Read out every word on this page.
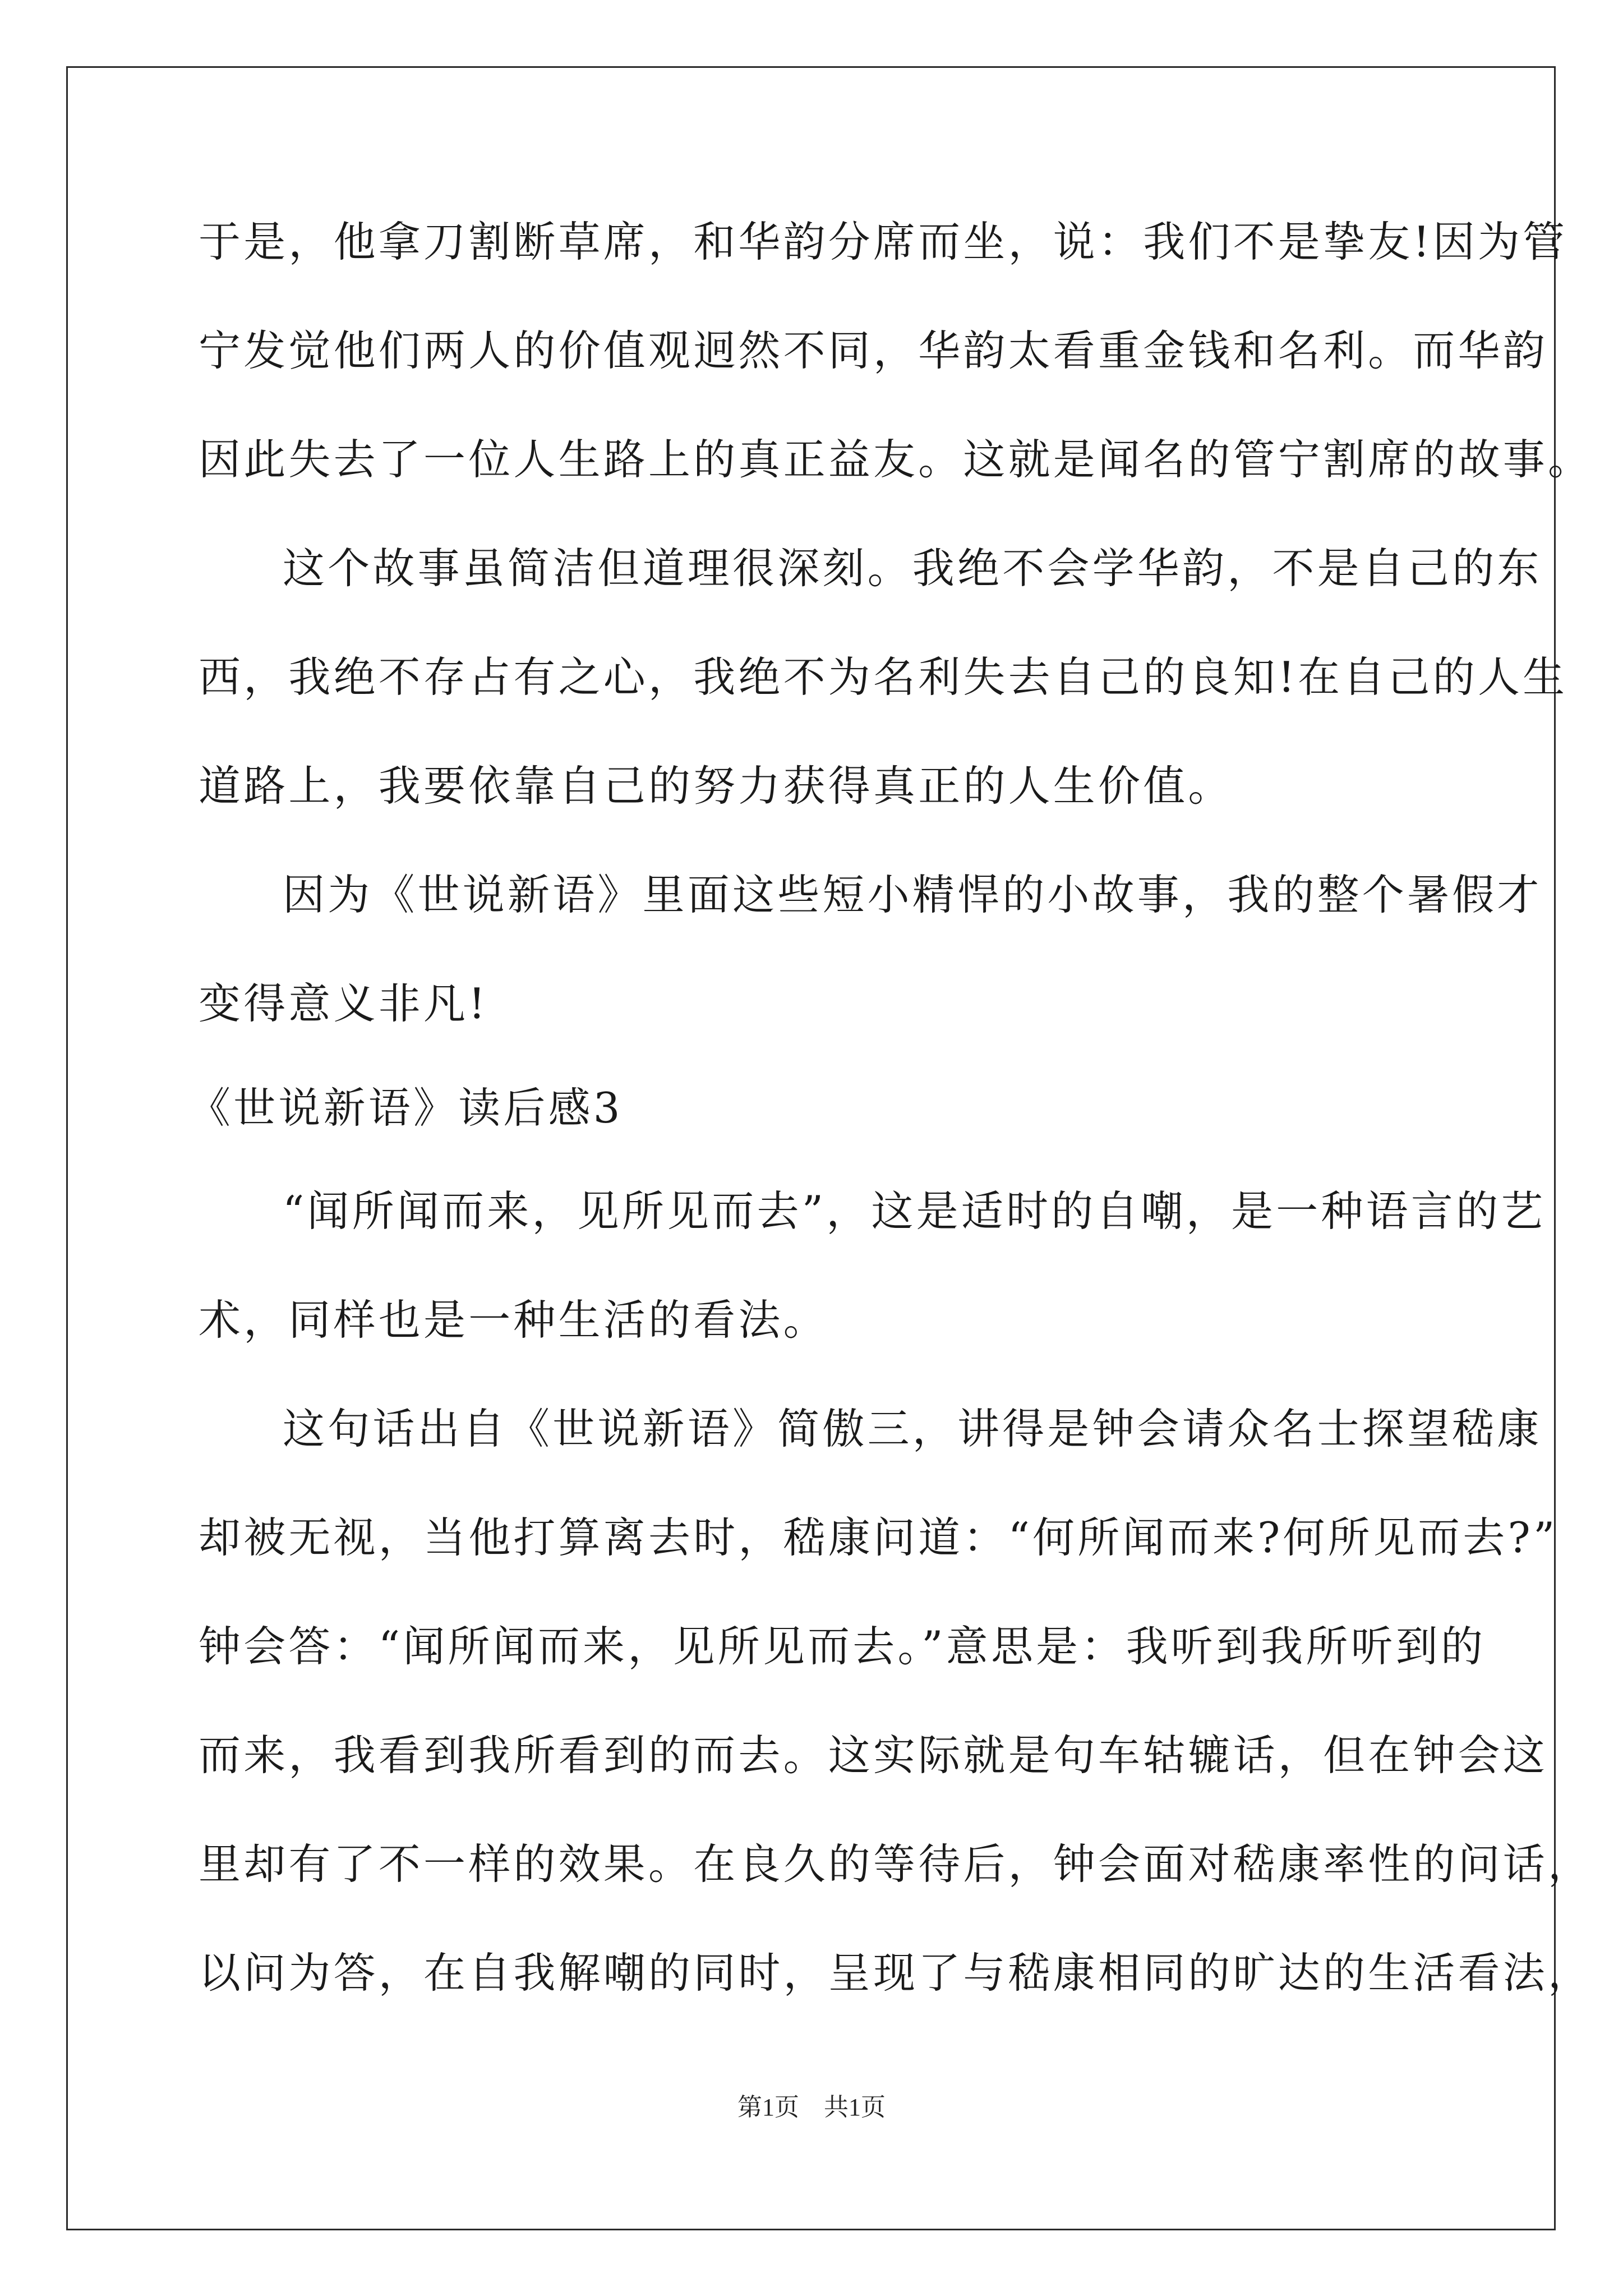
于是，他拿刀割断草席，和华韵分席而坐，说：我们不是挚友!因为管
宁发觉他们两人的价值观迥然不同，华韵太看重金钱和名利。而华韵
因此失去了一位人生路上的真正益友。这就是闻名的管宁割席的故事。
这个故事虽简洁但道理很深刻。我绝不会学华韵，不是自己的东
西，我绝不存占有之心，我绝不为名利失去自己的良知!在自己的人生
道路上，我要依靠自己的努力获得真正的人生价值。
因为《世说新语》里面这些短小精悍的小故事，我的整个暑假才
变得意义非凡!
《世说新语》读后感3
“闻所闻而来，见所见而去”，这是适时的自嘲，是一种语言的艺
术，同样也是一种生活的看法。
这句话出自《世说新语》简傲三，讲得是钟会请众名士探望嵇康
却被无视，当他打算离去时，嵇康问道：“何所闻而来?何所见而去?”
钟会答：“闻所闻而来，见所见而去。”意思是：我听到我所听到的
而来，我看到我所看到的而去。这实际就是句车轱辘话，但在钟会这
里却有了不一样的效果。在良久的等待后，钟会面对嵇康率性的问话，
以问为答，在自我解嘲的同时，呈现了与嵇康相同的旷达的生活看法，
第1页　共1页
